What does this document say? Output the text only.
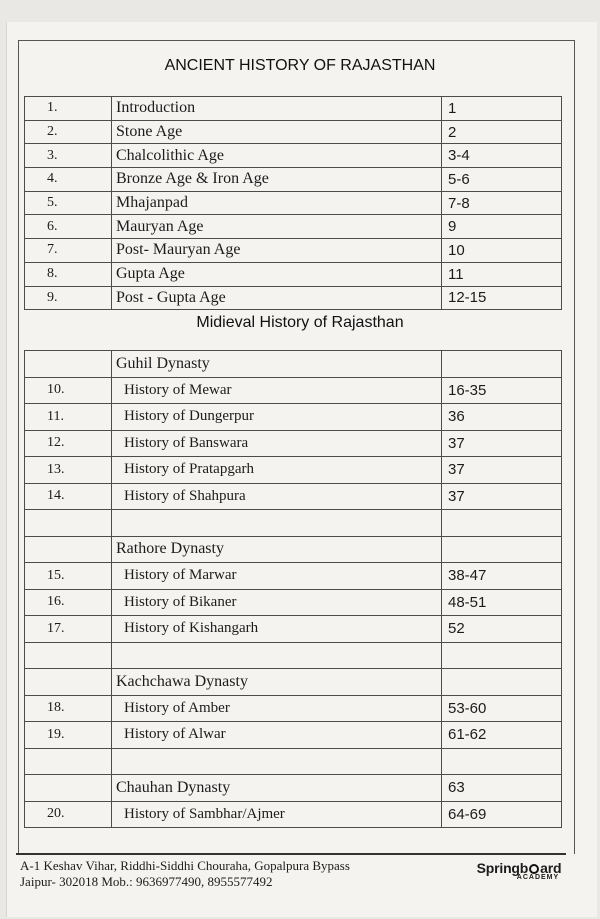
ANCIENT HISTORY OF RAJASTHAN
1.	Introduction	1
2.	Stone Age	2
3.	Chalcolithic Age	3-4
4.	Bronze Age & Iron Age	5-6
5.	Mhajanpad	7-8
6.	Mauryan Age	9
7.	Post- Mauryan Age	10
8.	Gupta Age	11
9.	Post - Gupta Age	12-15
Midieval History of Rajasthan
	Guhil Dynasty	
10.	History of Mewar	16-35
11.	History of Dungerpur	36
12.	History of Banswara	37
13.	History of Pratapgarh	37
14.	History of Shahpura	37

	Rathore Dynasty	
15.	History of Marwar	38-47
16.	History of Bikaner	48-51
17.	History of Kishangarh	52

	Kachchawa Dynasty	
18.	History of Amber	53-60
19.	History of Alwar	61-62

	Chauhan Dynasty	63
20.	History of Sambhar/Ajmer	64-69
A-1 Keshav Vihar, Riddhi-Siddhi Chouraha, Gopalpura Bypass
Jaipur- 302018 Mob.: 9636977490, 8955577492
Springb ard
ACADEMY
